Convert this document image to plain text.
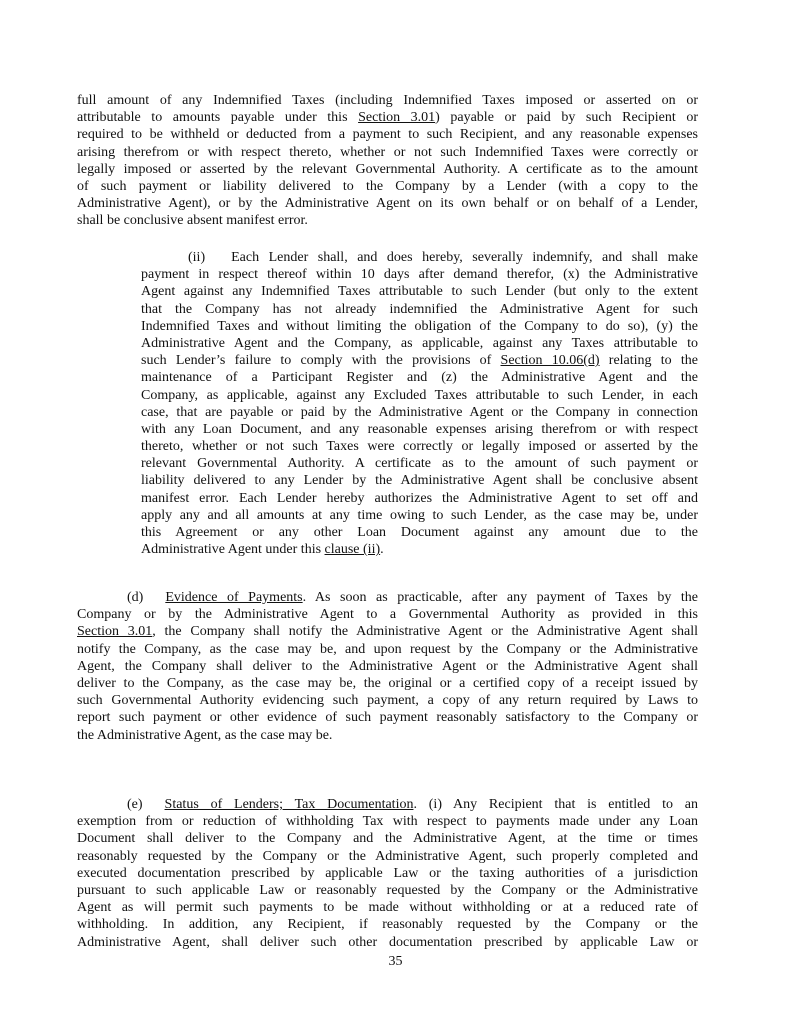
full amount of any Indemnified Taxes (including Indemnified Taxes imposed or asserted on or
attributable to amounts payable under this Section 3.01) payable or paid by such Recipient or
required to be withheld or deducted from a payment to such Recipient, and any reasonable expenses
arising therefrom or with respect thereto, whether or not such Indemnified Taxes were correctly or
legally imposed or asserted by the relevant Governmental Authority. A certificate as to the amount
of such payment or liability delivered to the Company by a Lender (with a copy to the
Administrative Agent), or by the Administrative Agent on its own behalf or on behalf of a Lender,
shall be conclusive absent manifest error.
(ii) Each Lender shall, and does hereby, severally indemnify, and shall make
payment in respect thereof within 10 days after demand therefor, (x) the Administrative
Agent against any Indemnified Taxes attributable to such Lender (but only to the extent
that the Company has not already indemnified the Administrative Agent for such
Indemnified Taxes and without limiting the obligation of the Company to do so), (y) the
Administrative Agent and the Company, as applicable, against any Taxes attributable to
such Lender’s failure to comply with the provisions of Section 10.06(d) relating to the
maintenance of a Participant Register and (z) the Administrative Agent and the
Company, as applicable, against any Excluded Taxes attributable to such Lender, in each
case, that are payable or paid by the Administrative Agent or the Company in connection
with any Loan Document, and any reasonable expenses arising therefrom or with respect
thereto, whether or not such Taxes were correctly or legally imposed or asserted by the
relevant Governmental Authority. A certificate as to the amount of such payment or
liability delivered to any Lender by the Administrative Agent shall be conclusive absent
manifest error. Each Lender hereby authorizes the Administrative Agent to set off and
apply any and all amounts at any time owing to such Lender, as the case may be, under
this Agreement or any other Loan Document against any amount due to the
Administrative Agent under this clause (ii).
(d) Evidence of Payments. As soon as practicable, after any payment of Taxes by the
Company or by the Administrative Agent to a Governmental Authority as provided in this
Section 3.01, the Company shall notify the Administrative Agent or the Administrative Agent shall
notify the Company, as the case may be, and upon request by the Company or the Administrative
Agent, the Company shall deliver to the Administrative Agent or the Administrative Agent shall
deliver to the Company, as the case may be, the original or a certified copy of a receipt issued by
such Governmental Authority evidencing such payment, a copy of any return required by Laws to
report such payment or other evidence of such payment reasonably satisfactory to the Company or
the Administrative Agent, as the case may be.
(e) Status of Lenders; Tax Documentation. (i) Any Recipient that is entitled to an
exemption from or reduction of withholding Tax with respect to payments made under any Loan
Document shall deliver to the Company and the Administrative Agent, at the time or times
reasonably requested by the Company or the Administrative Agent, such properly completed and
executed documentation prescribed by applicable Law or the taxing authorities of a jurisdiction
pursuant to such applicable Law or reasonably requested by the Company or the Administrative
Agent as will permit such payments to be made without withholding or at a reduced rate of
withholding. In addition, any Recipient, if reasonably requested by the Company or the
Administrative Agent, shall deliver such other documentation prescribed by applicable Law or
35
